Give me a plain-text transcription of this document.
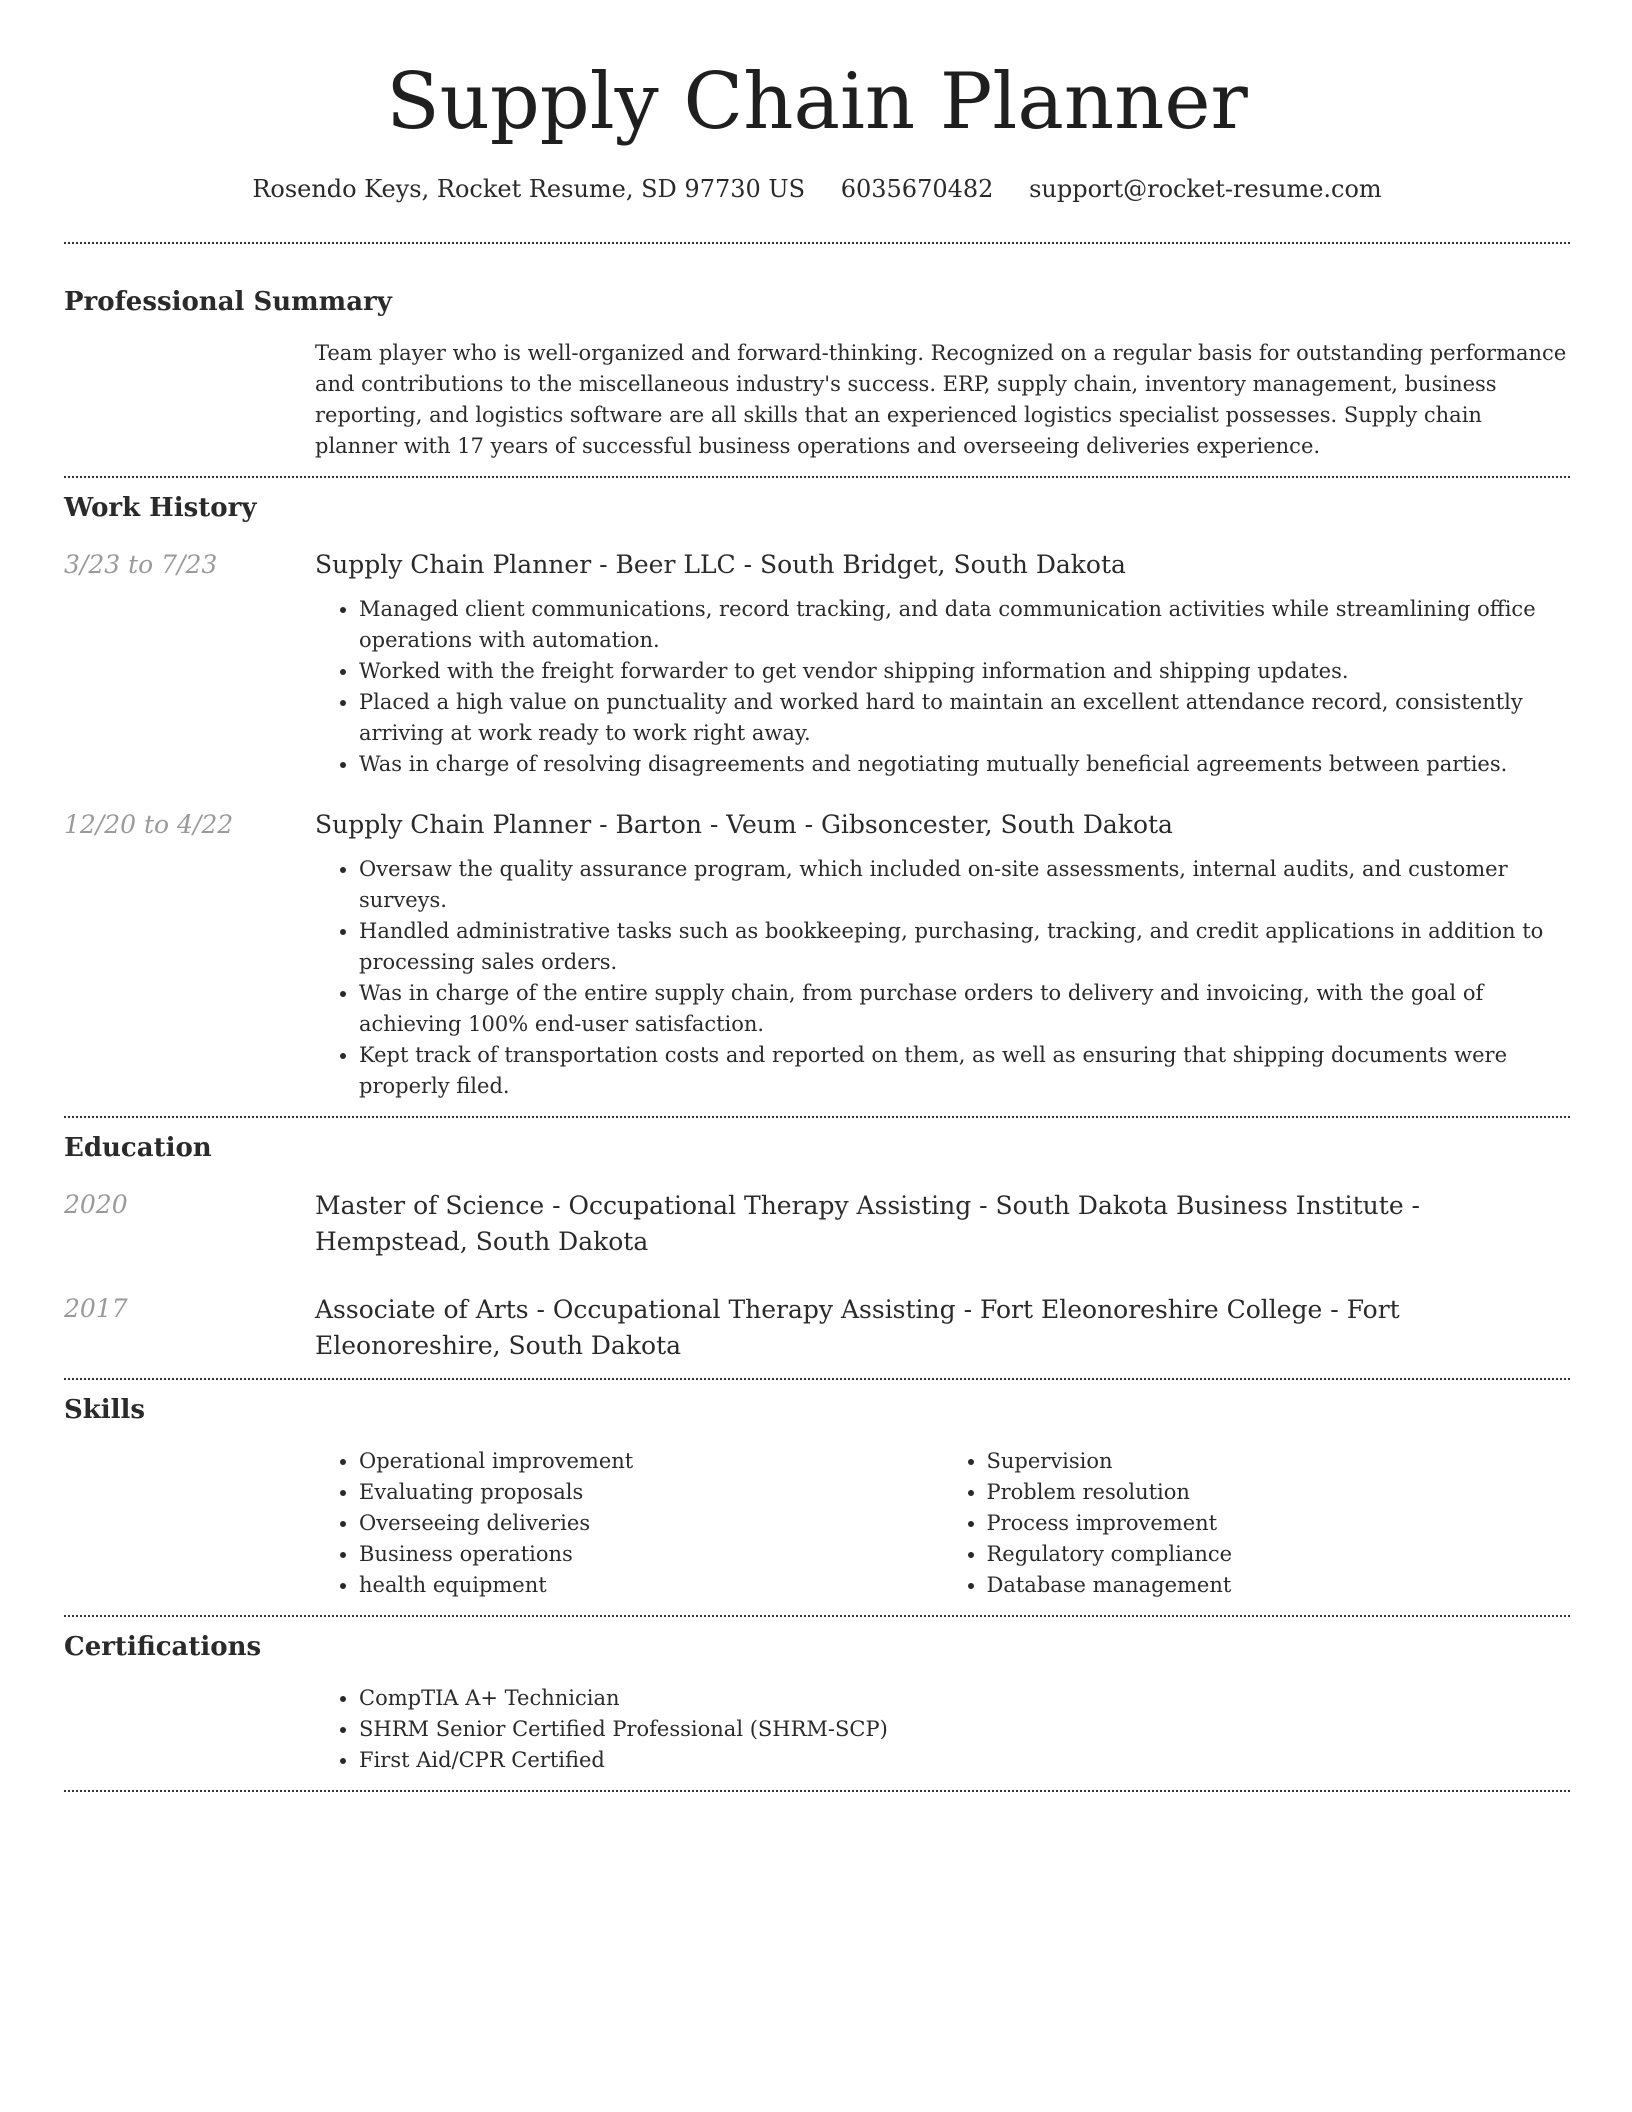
Supply Chain Planner
Rosendo Keys, Rocket Resume, SD 97730 US 6035670482 support@rocket-resume.com
Professional Summary

Team player who is well-organized and forward-thinking. Recognized on a regular basis for outstanding performance and contributions to the miscellaneous industry's success. ERP, supply chain, inventory management, business reporting, and logistics software are all skills that an experienced logistics specialist possesses. Supply chain planner with 17 years of successful business operations and overseeing deliveries experience.

Work History
3/23 to 7/23	Supply Chain Planner - Beer LLC - South Bridget, South Dakota

• Managed client communications, record tracking, and data communication activities while streamlining office operations with automation.
• Worked with the freight forwarder to get vendor shipping information and shipping updates.
• Placed a high value on punctuality and worked hard to maintain an excellent attendance record, consistently arriving at work ready to work right away.
• Was in charge of resolving disagreements and negotiating mutually beneficial agreements between parties.
12/20 to 4/22	Supply Chain Planner - Barton - Veum - Gibsoncester, South Dakota

• Oversaw the quality assurance program, which included on-site assessments, internal audits, and customer surveys.
• Handled administrative tasks such as bookkeeping, purchasing, tracking, and credit applications in addition to processing sales orders.
• Was in charge of the entire supply chain, from purchase orders to delivery and invoicing, with the goal of achieving 100% end-user satisfaction.
• Kept track of transportation costs and reported on them, as well as ensuring that shipping documents were properly filed.
Education
2020	Master of Science - Occupational Therapy Assisting - South Dakota Business Institute - Hempstead, South Dakota

2017	Associate of Arts - Occupational Therapy Assisting - Fort Eleonoreshire College - Fort Eleonoreshire, South Dakota

Skills
• Operational improvement
• Evaluating proposals
• Overseeing deliveries
• Business operations
• health equipment
• Supervision
• Problem resolution
• Process improvement
• Regulatory compliance
• Database management
Certifications
• CompTIA A+ Technician
• SHRM Senior Certified Professional (SHRM-SCP)
• First Aid/CPR Certified
